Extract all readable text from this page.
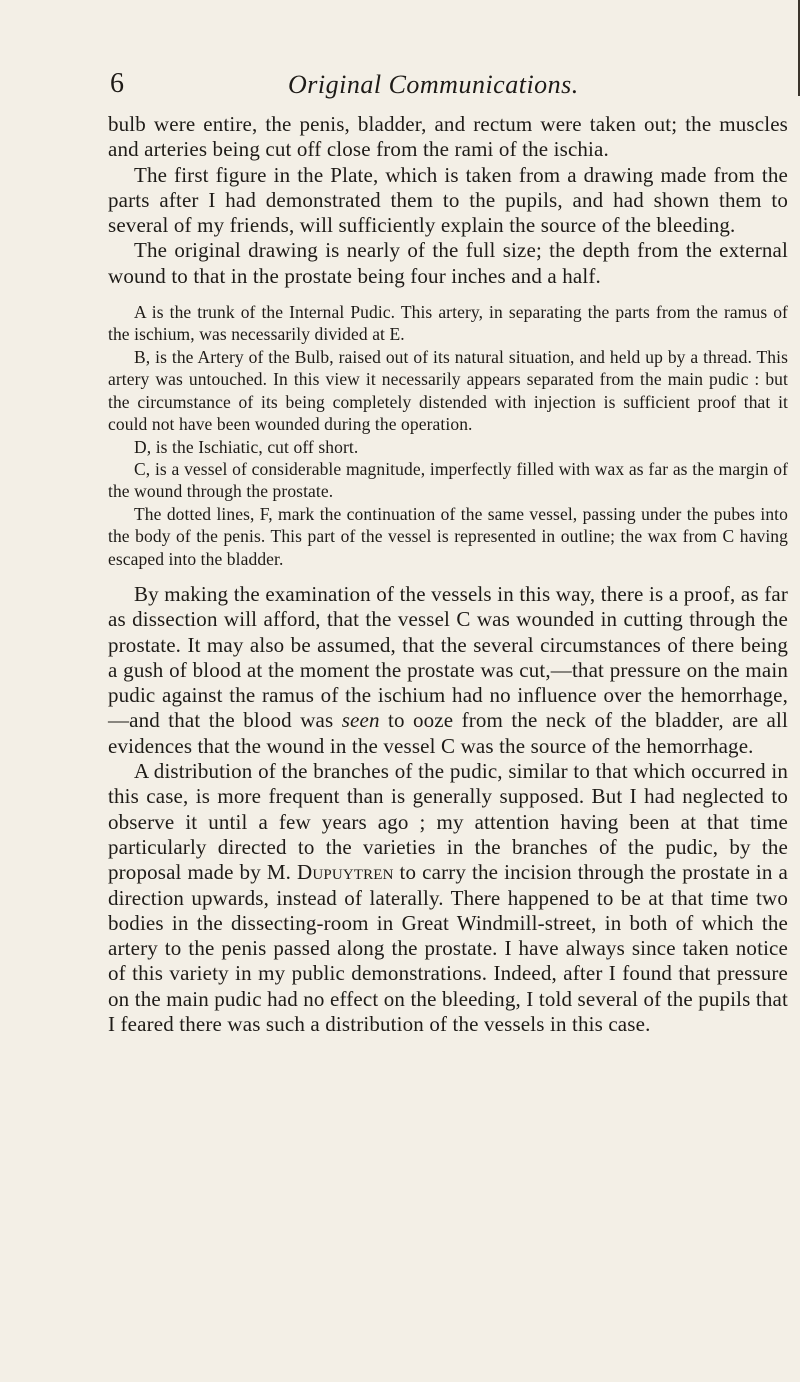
6	Original Communications.

bulb were entire, the penis, bladder, and rectum were taken out; the muscles and arteries being cut off close from the rami of the ischia.

The first figure in the Plate, which is taken from a drawing made from the parts after I had demonstrated them to the pupils, and had shown them to several of my friends, will sufficiently explain the source of the bleeding.

The original drawing is nearly of the full size; the depth from the external wound to that in the prostate being four inches and a half.

A is the trunk of the Internal Pudic. This artery, in separating the parts from the ramus of the ischium, was necessarily divided at E.

B, is the Artery of the Bulb, raised out of its natural situation, and held up by a thread. This artery was untouched. In this view it necessarily appears separated from the main pudic : but the circumstance of its being completely distended with injection is sufficient proof that it could not have been wounded during the operation.

D, is the Ischiatic, cut off short.

C, is a vessel of considerable magnitude, imperfectly filled with wax as far as the margin of the wound through the prostate.

The dotted lines, F, mark the continuation of the same vessel, passing under the pubes into the body of the penis. This part of the vessel is represented in outline; the wax from C having escaped into the bladder.

By making the examination of the vessels in this way, there is a proof, as far as dissection will afford, that the vessel C was wounded in cutting through the prostate. It may also be assumed, that the several circumstances of there being a gush of blood at the moment the prostate was cut,—that pressure on the main pudic against the ramus of the ischium had no influence over the hemorrhage,—and that the blood was seen to ooze from the neck of the bladder, are all evidences that the wound in the vessel C was the source of the hemorrhage.

A distribution of the branches of the pudic, similar to that which occurred in this case, is more frequent than is generally supposed. But I had neglected to observe it until a few years ago ; my attention having been at that time particularly directed to the varieties in the branches of the pudic, by the proposal made by M. Dupuytren to carry the incision through the prostate in a direction upwards, instead of laterally. There happened to be at that time two bodies in the dissecting-room in Great Windmill-street, in both of which the artery to the penis passed along the prostate. I have always since taken notice of this variety in my public demonstrations. Indeed, after I found that pressure on the main pudic had no effect on the bleeding, I told several of the pupils that I feared there was such a distribution of the vessels in this case.
